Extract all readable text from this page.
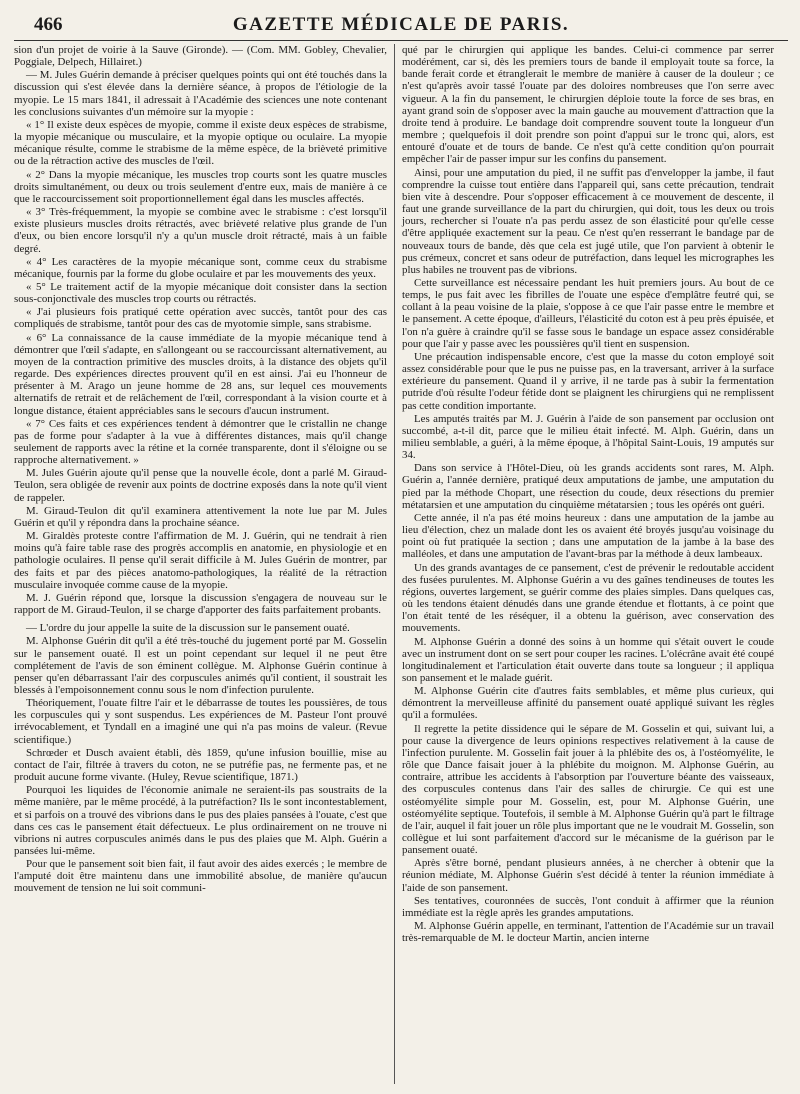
466	GAZETTE MÉDICALE DE PARIS.

sion d'un projet de voirie à la Sauve (Gironde). — (Com. MM. Gobley, Chevalier, Poggiale, Delpech, Hillairet.)

— M. Jules Guérin demande à préciser quelques points qui ont été touchés dans la discussion qui s'est élevée dans la dernière séance, à propos de l'étiologie de la myopie. Le 15 mars 1841, il adressait à l'Académie des sciences une note contenant les conclusions suivantes d'un mémoire sur la myopie :

« 1° Il existe deux espèces de myopie, comme il existe deux espèces de strabisme, la myopie mécanique ou musculaire, et la myopie optique ou oculaire. La myopie mécanique résulte, comme le strabisme de la même espèce, de la brièveté primitive ou de la rétraction active des muscles de l'œil.

« 2° Dans la myopie mécanique, les muscles trop courts sont les quatre muscles droits simultanément, ou deux ou trois seulement d'entre eux, mais de manière à ce que le raccourcissement soit proportionnellement égal dans les muscles affectés.

« 3° Très-fréquemment, la myopie se combine avec le strabisme : c'est lorsqu'il existe plusieurs muscles droits rétractés, avec brièveté relative plus grande de l'un d'eux, ou bien encore lorsqu'il n'y a qu'un muscle droit rétracté, mais à un faible degré.

« 4° Les caractères de la myopie mécanique sont, comme ceux du strabisme mécanique, fournis par la forme du globe oculaire et par les mouvements des yeux.

« 5° Le traitement actif de la myopie mécanique doit consister dans la section sous-conjonctivale des muscles trop courts ou rétractés.

« J'ai plusieurs fois pratiqué cette opération avec succès, tantôt pour des cas compliqués de strabisme, tantôt pour des cas de myotomie simple, sans strabisme.

« 6° La connaissance de la cause immédiate de la myopie mécanique tend à démontrer que l'œil s'adapte, en s'allongeant ou se raccourcissant alternativement, au moyen de la contraction primitive des muscles droits, à la distance des objets qu'il regarde. Des expériences directes prouvent qu'il en est ainsi. J'ai eu l'honneur de présenter à M. Arago un jeune homme de 28 ans, sur lequel ces mouvements alternatifs de retrait et de relâchement de l'œil, correspondant à la vision courte et à longue distance, étaient appréciables sans le secours d'aucun instrument.

« 7° Ces faits et ces expériences tendent à démontrer que le cristallin ne change pas de forme pour s'adapter à la vue à différentes distances, mais qu'il change seulement de rapports avec la rétine et la cornée transparente, dont il s'éloigne ou se rapproche alternativement. »

M. Jules Guérin ajoute qu'il pense que la nouvelle école, dont a parlé M. Giraud-Teulon, sera obligée de revenir aux points de doctrine exposés dans la note qu'il vient de rappeler.

M. Giraud-Teulon dit qu'il examinera attentivement la note lue par M. Jules Guérin et qu'il y répondra dans la prochaine séance.

M. Giraldès proteste contre l'affirmation de M. J. Guérin, qui ne tendrait à rien moins qu'à faire table rase des progrès accomplis en anatomie, en physiologie et en pathologie oculaires. Il pense qu'il serait difficile à M. Jules Guérin de montrer, par des faits et par des pièces anatomo-pathologiques, la réalité de la rétraction musculaire invoquée comme cause de la myopie.

M. J. Guérin répond que, lorsque la discussion s'engagera de nouveau sur le rapport de M. Giraud-Teulon, il se charge d'apporter des faits parfaitement probants.

— L'ordre du jour appelle la suite de la discussion sur le pansement ouaté.

M. Alphonse Guérin dit qu'il a été très-touché du jugement porté par M. Gosselin sur le pansement ouaté. Il est un point cependant sur lequel il ne peut être complétement de l'avis de son éminent collègue. M. Alphonse Guérin continue à penser qu'en débarrassant l'air des corpuscules animés qu'il contient, il soustrait les blessés à l'empoisonnement connu sous le nom d'infection purulente.

Théoriquement, l'ouate filtre l'air et le débarrasse de toutes les poussières, de tous les corpuscules qui y sont suspendus. Les expériences de M. Pasteur l'ont prouvé irrévocablement, et Tyndall en a imaginé une qui n'a pas moins de valeur. (Revue scientifique.)

Schrœder et Dusch avaient établi, dès 1859, qu'une infusion bouillie, mise au contact de l'air, filtrée à travers du coton, ne se putréfie pas, ne fermente pas, et ne produit aucune forme vivante. (Huley, Revue scientifique, 1871.)

Pourquoi les liquides de l'économie animale ne seraient-ils pas soustraits de la même manière, par le même procédé, à la putréfaction? Ils le sont incontestablement, et si parfois on a trouvé des vibrions dans le pus des plaies pansées à l'ouate, c'est que dans ces cas le pansement était défectueux. Le plus ordinairement on ne trouve ni vibrions ni autres corpuscules animés dans le pus des plaies que M. Alph. Guérin a pansées lui-même.

Pour que le pansement soit bien fait, il faut avoir des aides exercés ; le membre de l'amputé doit être maintenu dans une immobilité absolue, de manière qu'aucun mouvement de tension ne lui soit communi-

qué par le chirurgien qui applique les bandes. Celui-ci commence par serrer modérément, car si, dès les premiers tours de bande il employait toute sa force, la bande ferait corde et étranglerait le membre de manière à causer de la douleur ; ce n'est qu'après avoir tassé l'ouate par des doloires nombreuses que l'on serre avec vigueur. A la fin du pansement, le chirurgien déploie toute la force de ses bras, en ayant grand soin de s'opposer avec la main gauche au mouvement d'attraction que la droite tend à produire. Le bandage doit comprendre souvent toute la longueur d'un membre ; quelquefois il doit prendre son point d'appui sur le tronc qui, alors, est entouré d'ouate et de tours de bande. Ce n'est qu'à cette condition qu'on pourrait empêcher l'air de passer impur sur les confins du pansement.

Ainsi, pour une amputation du pied, il ne suffit pas d'envelopper la jambe, il faut comprendre la cuisse tout entière dans l'appareil qui, sans cette précaution, tendrait bien vite à descendre. Pour s'opposer efficacement à ce mouvement de descente, il faut une grande surveillance de la part du chirurgien, qui doit, tous les deux ou trois jours, rechercher si l'ouate n'a pas perdu assez de son élasticité pour qu'elle cesse d'être appliquée exactement sur la peau. Ce n'est qu'en resserrant le bandage par de nouveaux tours de bande, dès que cela est jugé utile, que l'on parvient à obtenir le pus crémeux, concret et sans odeur de putréfaction, dans lequel les micrographes les plus habiles ne trouvent pas de vibrions.

Cette surveillance est nécessaire pendant les huit premiers jours. Au bout de ce temps, le pus fait avec les fibrilles de l'ouate une espèce d'emplâtre feutré qui, se collant à la peau voisine de la plaie, s'oppose à ce que l'air passe entre le membre et le pansement. A cette époque, d'ailleurs, l'élasticité du coton est à peu près épuisée, et l'on n'a guère à craindre qu'il se fasse sous le bandage un espace assez considérable pour que l'air y passe avec les poussières qu'il tient en suspension.

Une précaution indispensable encore, c'est que la masse du coton employé soit assez considérable pour que le pus ne puisse pas, en la traversant, arriver à la surface extérieure du pansement. Quand il y arrive, il ne tarde pas à subir la fermentation putride d'où résulte l'odeur fétide dont se plaignent les chirurgiens qui ne remplissent pas cette condition importante.

Les amputés traités par M. J. Guérin à l'aide de son pansement par occlusion ont succombé, a-t-il dit, parce que le milieu était infecté. M. Alph. Guérin, dans un milieu semblable, a guéri, à la même époque, à l'hôpital Saint-Louis, 19 amputés sur 34.

Dans son service à l'Hôtel-Dieu, où les grands accidents sont rares, M. Alph. Guérin a, l'année dernière, pratiqué deux amputations de jambe, une amputation du pied par la méthode Chopart, une résection du coude, deux résections du premier métatarsien et une amputation du cinquième métatarsien ; tous les opérés ont guéri.

Cette année, il n'a pas été moins heureux : dans une amputation de la jambe au lieu d'élection, chez un malade dont les os avaient été broyés jusqu'au voisinage du point où fut pratiquée la section ; dans une amputation de la jambe à la base des malléoles, et dans une amputation de l'avant-bras par la méthode à deux lambeaux.

Un des grands avantages de ce pansement, c'est de prévenir le redoutable accident des fusées purulentes. M. Alphonse Guérin a vu des gaînes tendineuses de toutes les régions, ouvertes largement, se guérir comme des plaies simples. Dans quelques cas, où les tendons étaient dénudés dans une grande étendue et flottants, à ce point que l'on était tenté de les réséquer, il a obtenu la guérison, avec conservation des mouvements.

M. Alphonse Guérin a donné des soins à un homme qui s'était ouvert le coude avec un instrument dont on se sert pour couper les racines. L'olécrâne avait été coupé longitudinalement et l'articulation était ouverte dans toute sa longueur ; il appliqua son pansement et le malade guérit.

M. Alphonse Guérin cite d'autres faits semblables, et même plus curieux, qui démontrent la merveilleuse affinité du pansement ouaté appliqué suivant les règles qu'il a formulées.

Il regrette la petite dissidence qui le sépare de M. Gosselin et qui, suivant lui, a pour cause la divergence de leurs opinions respectives relativement à la cause de l'infection purulente. M. Gosselin fait jouer à la phlébite des os, à l'ostéomyélite, le rôle que Dance faisait jouer à la phlébite du moignon. M. Alphonse Guérin, au contraire, attribue les accidents à l'absorption par l'ouverture béante des vaisseaux, des corpuscules contenus dans l'air des salles de chirurgie. Ce qui est une ostéomyélite simple pour M. Gosselin, est, pour M. Alphonse Guérin, une ostéomyélite septique. Toutefois, il semble à M. Alphonse Guérin qu'à part le filtrage de l'air, auquel il fait jouer un rôle plus important que ne le voudrait M. Gosselin, son collègue et lui sont parfaitement d'accord sur le mécanisme de la guérison par le pansement ouaté.

Après s'être borné, pendant plusieurs années, à ne chercher à obtenir que la réunion médiate, M. Alphonse Guérin s'est décidé à tenter la réunion immédiate à l'aide de son pansement.

Ses tentatives, couronnées de succès, l'ont conduit à affirmer que la réunion immédiate est la règle après les grandes amputations.

M. Alphonse Guérin appelle, en terminant, l'attention de l'Académie sur un travail très-remarquable de M. le docteur Martin, ancien interne
